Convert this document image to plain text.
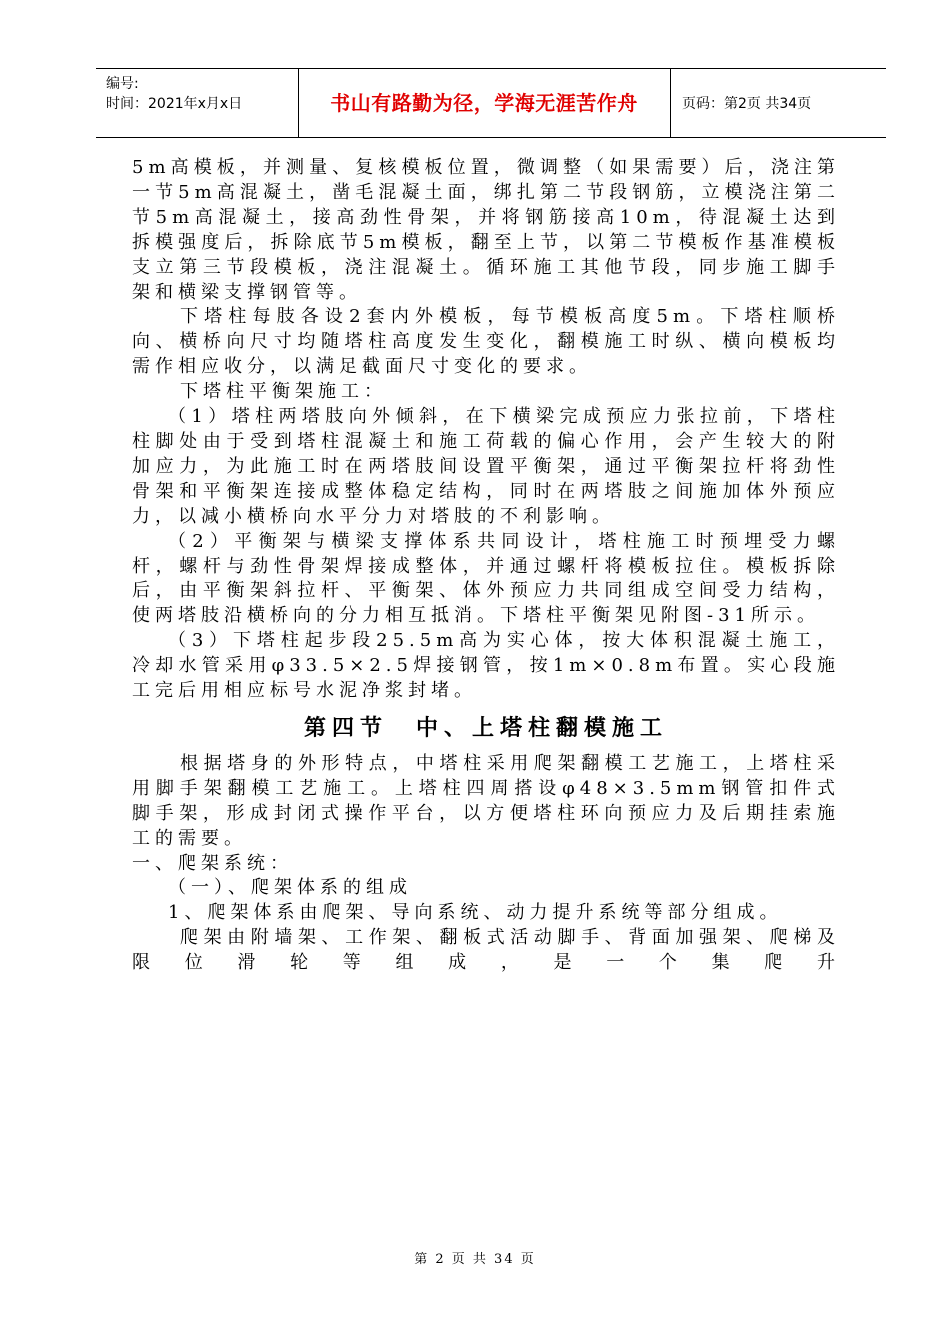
编号:
时间：2021年x月x日	书山有路勤为径，学海无涯苦作舟	页码：第2页 共34页

5m高模板，并测量、复核模板位置，微调整（如果需要）后，浇注第一节5m高混凝土，凿毛混凝土面，绑扎第二节段钢筋，立模浇注第二节5m高混凝土，接高劲性骨架，并将钢筋接高10m，待混凝土达到拆模强度后，拆除底节5m模板，翻至上节，以第二节模板作基准模板支立第三节段模板，浇注混凝土。循环施工其他节段，同步施工脚手架和横梁支撑钢管等。

下塔柱每肢各设2套内外模板，每节模板高度5m。下塔柱顺桥向、横桥向尺寸均随塔柱高度发生变化，翻模施工时纵、横向模板均需作相应收分，以满足截面尺寸变化的要求。

下塔柱平衡架施工：

（1）塔柱两塔肢向外倾斜，在下横梁完成预应力张拉前，下塔柱柱脚处由于受到塔柱混凝土和施工荷载的偏心作用，会产生较大的附加应力，为此施工时在两塔肢间设置平衡架，通过平衡架拉杆将劲性骨架和平衡架连接成整体稳定结构，同时在两塔肢之间施加体外预应力，以减小横桥向水平分力对塔肢的不利影响。

（2）平衡架与横梁支撑体系共同设计，塔柱施工时预埋受力螺杆，螺杆与劲性骨架焊接成整体，并通过螺杆将模板拉住。模板拆除后，由平衡架斜拉杆、平衡架、体外预应力共同组成空间受力结构，使两塔肢沿横桥向的分力相互抵消。下塔柱平衡架见附图-31所示。

（3）下塔柱起步段25.5m高为实心体，按大体积混凝土施工，冷却水管采用φ33.5×2.5焊接钢管，按1m×0.8m布置。实心段施工完后用相应标号水泥净浆封堵。

第四节　中、上塔柱翻模施工

根据塔身的外形特点，中塔柱采用爬架翻模工艺施工，上塔柱采用脚手架翻模工艺施工。上塔柱四周搭设φ48×3.5mm钢管扣件式脚手架，形成封闭式操作平台，以方便塔柱环向预应力及后期挂索施工的需要。

一、爬架系统：

（一）、爬架体系的组成

1、爬架体系由爬架、导向系统、动力提升系统等部分组成。

爬架由附墙架、工作架、翻板式活动脚手、背面加强架、爬梯及限位滑轮等组成，是一个集爬升

第 2 页 共 34 页
